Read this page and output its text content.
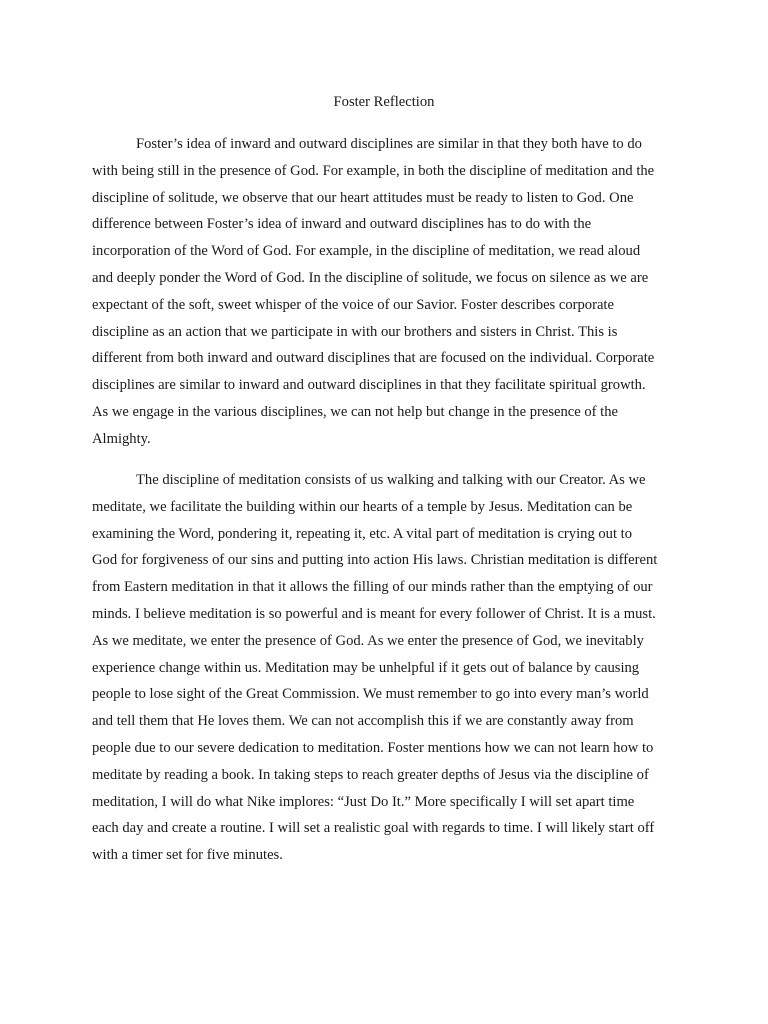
Foster Reflection

Foster’s idea of inward and outward disciplines are similar in that they both have to do
with being still in the presence of God. For example, in both the discipline of meditation and the
discipline of solitude, we observe that our heart attitudes must be ready to listen to God. One
difference between Foster’s idea of inward and outward disciplines has to do with the
incorporation of the Word of God. For example, in the discipline of meditation, we read aloud
and deeply ponder the Word of God. In the discipline of solitude, we focus on silence as we are
expectant of the soft, sweet whisper of the voice of our Savior. Foster describes corporate
discipline as an action that we participate in with our brothers and sisters in Christ. This is
different from both inward and outward disciplines that are focused on the individual. Corporate
disciplines are similar to inward and outward disciplines in that they facilitate spiritual growth.
As we engage in the various disciplines, we can not help but change in the presence of the
Almighty.

The discipline of meditation consists of us walking and talking with our Creator. As we
meditate, we facilitate the building within our hearts of a temple by Jesus. Meditation can be
examining the Word, pondering it, repeating it, etc. A vital part of meditation is crying out to
God for forgiveness of our sins and putting into action His laws. Christian meditation is different
from Eastern meditation in that it allows the filling of our minds rather than the emptying of our
minds. I believe meditation is so powerful and is meant for every follower of Christ. It is a must.
As we meditate, we enter the presence of God. As we enter the presence of God, we inevitably
experience change within us. Meditation may be unhelpful if it gets out of balance by causing
people to lose sight of the Great Commission. We must remember to go into every man’s world
and tell them that He loves them. We can not accomplish this if we are constantly away from
people due to our severe dedication to meditation. Foster mentions how we can not learn how to
meditate by reading a book. In taking steps to reach greater depths of Jesus via the discipline of
meditation, I will do what Nike implores: “Just Do It.” More specifically I will set apart time
each day and create a routine. I will set a realistic goal with regards to time. I will likely start off
with a timer set for five minutes.
